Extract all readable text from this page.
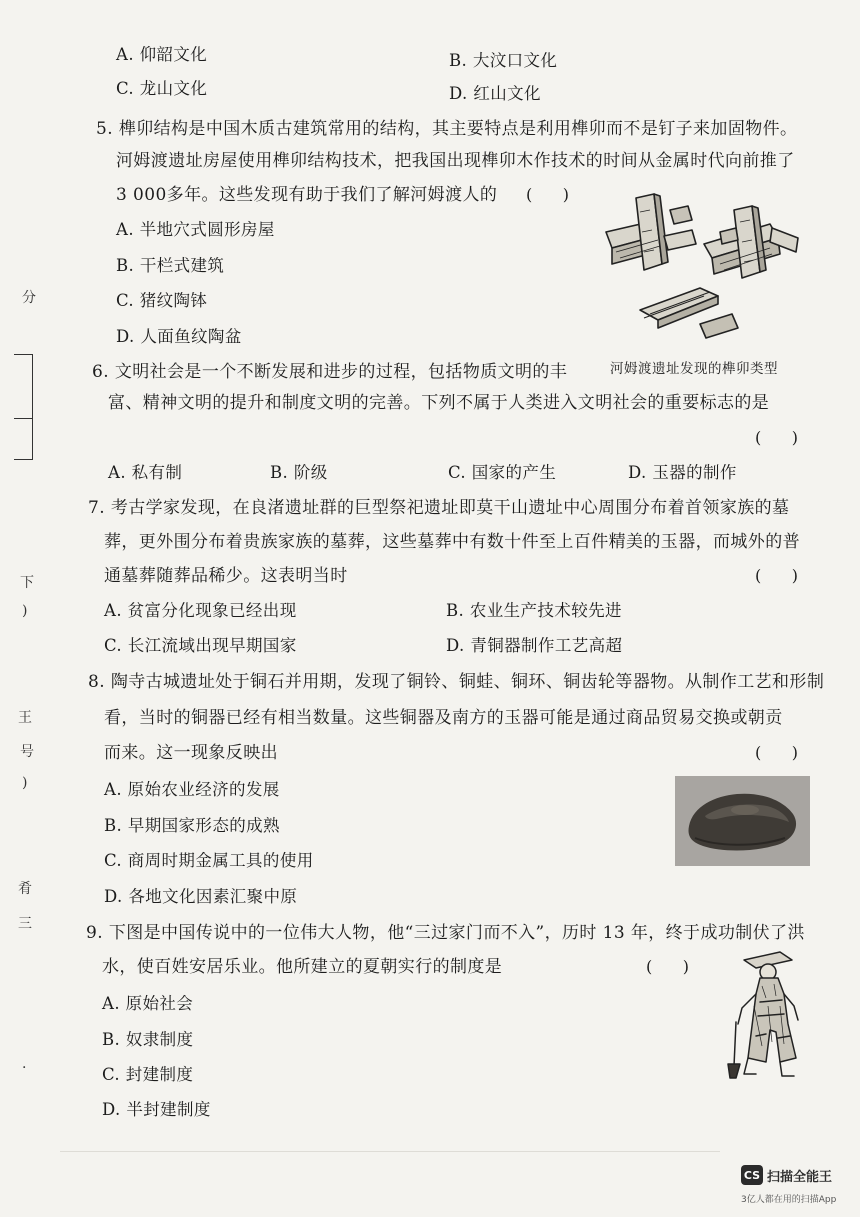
A. 仰韶文化	B. 大汶口文化
C. 龙山文化	D. 红山文化
5. 榫卯结构是中国木质古建筑常用的结构，其主要特点是利用榫卯而不是钉子来加固物件。
河姆渡遗址房屋使用榫卯结构技术，把我国出现榫卯木作技术的时间从金属时代向前推了
3 000多年。这些发现有助于我们了解河姆渡人的 (      )
A. 半地穴式圆形房屋
B. 干栏式建筑
C. 猪纹陶钵
D. 人面鱼纹陶盆
河姆渡遗址发现的榫卯类型
分
下
)
王
号
)
肴
三
·
6. 文明社会是一个不断发展和进步的过程，包括物质文明的丰
富、精神文明的提升和制度文明的完善。下列不属于人类进入文明社会的重要标志的是
(      )
A. 私有制	B. 阶级	C. 国家的产生	D. 玉器的制作
7. 考古学家发现，在良渚遗址群的巨型祭祀遗址即莫干山遗址中心周围分布着首领家族的墓
葬，更外围分布着贵族家族的墓葬，这些墓葬中有数十件至上百件精美的玉器，而城外的普
通墓葬随葬品稀少。这表明当时	(      )
A. 贫富分化现象已经出现	B. 农业生产技术较先进
C. 长江流域出现早期国家	D. 青铜器制作工艺高超
8. 陶寺古城遗址处于铜石并用期，发现了铜铃、铜蛙、铜环、铜齿轮等器物。从制作工艺和形制
看，当时的铜器已经有相当数量。这些铜器及南方的玉器可能是通过商品贸易交换或朝贡
而来。这一现象反映出	(      )
A. 原始农业经济的发展
B. 早期国家形态的成熟
C. 商周时期金属工具的使用
D. 各地文化因素汇聚中原
9. 下图是中国传说中的一位伟大人物，他“三过家门而不入”，历时 13 年，终于成功制伏了洪
水，使百姓安居乐业。他所建立的夏朝实行的制度是	(      )
A. 原始社会
B. 奴隶制度
C. 封建制度
D. 半封建制度
CS 扫描全能王
3亿人都在用的扫描App
